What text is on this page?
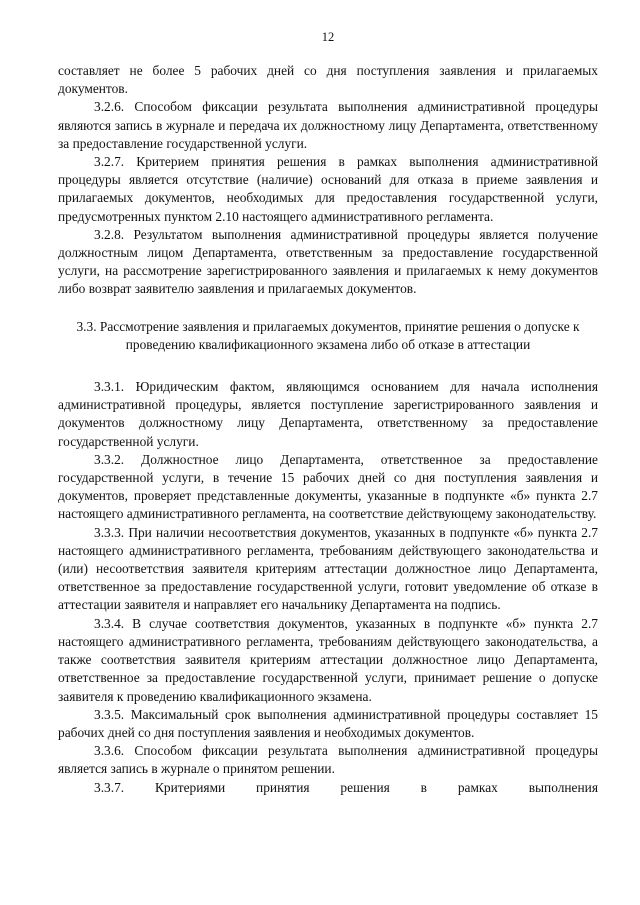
12

составляет не более 5 рабочих дней со дня поступления заявления и прилагаемых документов.

3.2.6. Способом фиксации результата выполнения административной процедуры являются запись в журнале и передача их должностному лицу Департамента, ответственному за предоставление государственной услуги.

3.2.7. Критерием принятия решения в рамках выполнения административной процедуры является отсутствие (наличие) оснований для отказа в приеме заявления и прилагаемых документов, необходимых для предоставления государственной услуги, предусмотренных пунктом 2.10 настоящего административного регламента.

3.2.8. Результатом выполнения административной процедуры является получение должностным лицом Департамента, ответственным за предоставление государственной услуги, на рассмотрение зарегистрированного заявления и прилагаемых к нему документов либо возврат заявителю заявления и прилагаемых документов.

3.3. Рассмотрение заявления и прилагаемых документов, принятие решения о допуске к проведению квалификационного экзамена либо об отказе в аттестации

3.3.1. Юридическим фактом, являющимся основанием для начала исполнения административной процедуры, является поступление зарегистрированного заявления и документов должностному лицу Департамента, ответственному за предоставление государственной услуги.

3.3.2. Должностное лицо Департамента, ответственное за предоставление государственной услуги, в течение 15 рабочих дней со дня поступления заявления и документов, проверяет представленные документы, указанные в подпункте «б» пункта 2.7 настоящего административного регламента, на соответствие действующему законодательству.

3.3.3. При наличии несоответствия документов, указанных в подпункте «б» пункта 2.7 настоящего административного регламента, требованиям действующего законодательства и (или) несоответствия заявителя критериям аттестации должностное лицо Департамента, ответственное за предоставление государственной услуги, готовит уведомление об отказе в аттестации заявителя и направляет его начальнику Департамента на подпись.

3.3.4. В случае соответствия документов, указанных в подпункте «б» пункта 2.7 настоящего административного регламента, требованиям действующего законодательства, а также соответствия заявителя критериям аттестации должностное лицо Департамента, ответственное за предоставление государственной услуги, принимает решение о допуске заявителя к проведению квалификационного экзамена.

3.3.5. Максимальный срок выполнения административной процедуры составляет 15 рабочих дней со дня поступления заявления и необходимых документов.

3.3.6. Способом фиксации результата выполнения административной процедуры является запись в журнале о принятом решении.

3.3.7. Критериями принятия решения в рамках выполнения
